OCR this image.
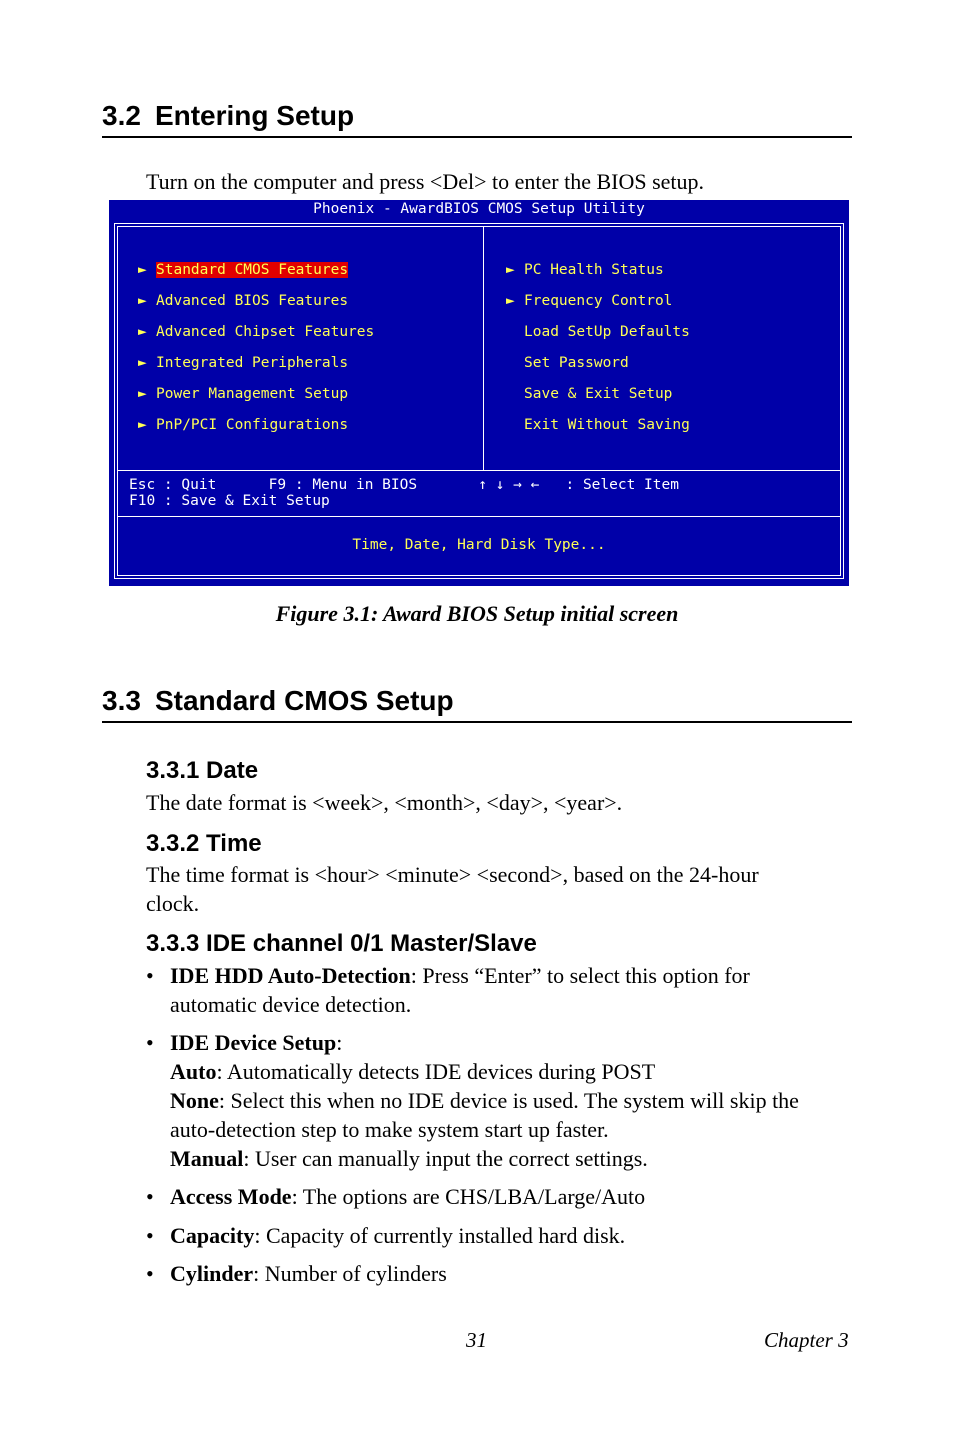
3.2 Entering Setup
Turn on the computer and press <Del> to enter the BIOS setup.
Phoenix - AwardBIOS CMOS Setup Utility
► Standard CMOS Features
► Advanced BIOS Features
► Advanced Chipset Features
► Integrated Peripherals
► Power Management Setup
► PnP/PCI Configurations
► PC Health Status
► Frequency Control
Load SetUp Defaults
Set Password
Save & Exit Setup
Exit Without Saving
Esc : Quit      F9 : Menu in BIOS       ↑ ↓ → ←   : Select Item
F10 : Save & Exit Setup
Time, Date, Hard Disk Type...
Figure 3.1: Award BIOS Setup initial screen
3.3 Standard CMOS Setup
3.3.1 Date
The date format is <week>, <month>, <day>, <year>.
3.3.2 Time
The time format is <hour> <minute> <second>, based on the 24-hour
clock.
3.3.3 IDE channel 0/1 Master/Slave
• IDE HDD Auto-Detection: Press “Enter” to select this option for
automatic device detection.
• IDE Device Setup:
Auto: Automatically detects IDE devices during POST
None: Select this when no IDE device is used. The system will skip the
auto-detection step to make system start up faster.
Manual: User can manually input the correct settings.
• Access Mode: The options are CHS/LBA/Large/Auto
• Capacity: Capacity of currently installed hard disk.
• Cylinder: Number of cylinders
31	Chapter 3
